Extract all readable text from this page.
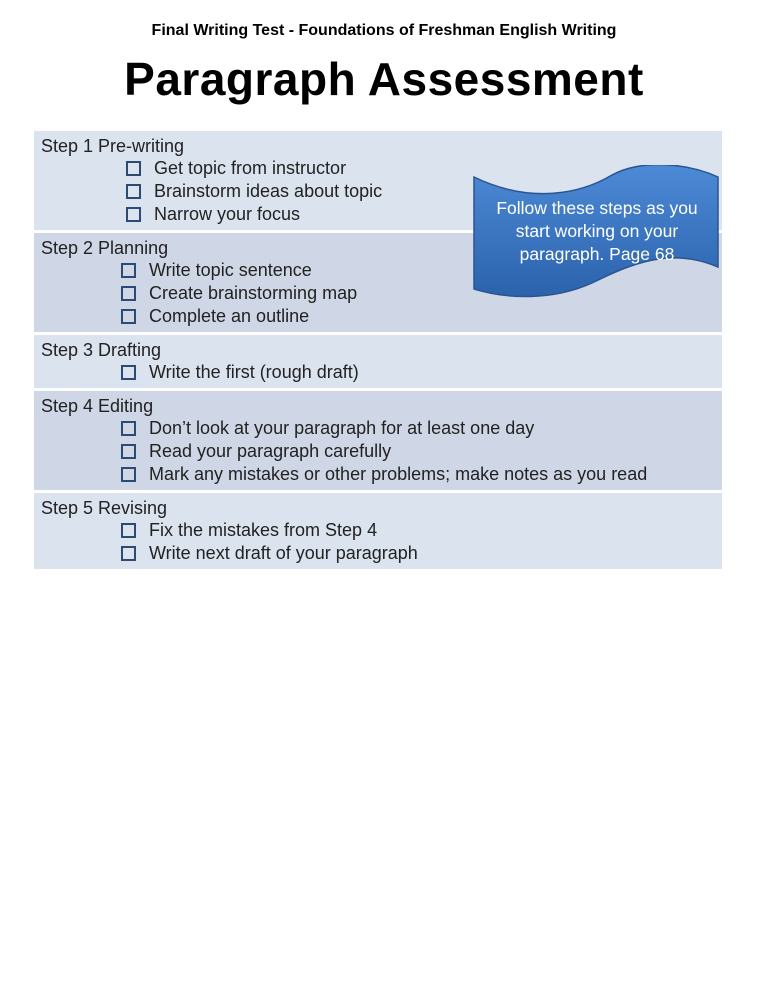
Final Writing Test - Foundations of Freshman English Writing
Paragraph Assessment
Step 1 Pre-writing
Get topic from instructor
Brainstorm ideas about topic
Narrow your focus
Step 2 Planning
Write topic sentence
Create brainstorming map
Complete an outline
Step 3 Drafting
Write the first (rough draft)
Step 4 Editing
Don’t look at your paragraph for at least one day
Read your paragraph carefully
Mark any mistakes or other problems; make notes as you read
Step 5 Revising
Fix the mistakes from Step 4
Write next draft of your paragraph
Follow these steps as you
start working on your
paragraph. Page 68
